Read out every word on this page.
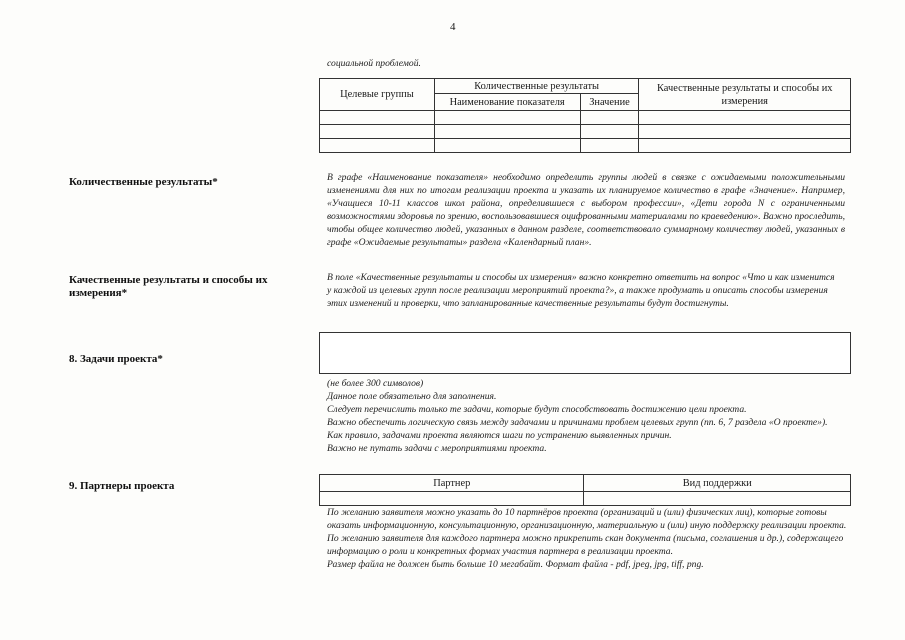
4
социальной проблемой.
Целевые группы	Количественные результаты		Качественные результаты и способы их измерения
	Наименование показателя	Значение	

Количественные результаты*	В графе «Наименование показателя» необходимо определить группы людей в связке с ожидаемыми положительными изменениями для них по итогам реализации проекта и указать их планируемое количество в графе «Значение». Например, «Учащиеся 10-11 классов школ района, определившиеся с выбором профессии», «Дети города N с ограниченными возможностями здоровья по зрению, воспользовавшиеся оцифрованными материалами по краеведению». Важно проследить, чтобы общее количество людей, указанных в данном разделе, соответствовало суммарному количеству людей, указанных в графе «Ожидаемые результаты» раздела «Календарный план».
Качественные результаты и способы их измерения*
В поле «Качественные результаты и способы их измерения» важно конкретно ответить на вопрос «Что и как изменится у каждой из целевых групп после реализации мероприятий проекта?», а также продумать и описать способы измерения этих изменений и проверки, что запланированные качественные результаты будут достигнуты.
8. Задачи проекта*
(не более 300 символов)
Данное поле обязательно для заполнения.
Следует перечислить только те задачи, которые будут способствовать достижению цели проекта.
Важно обеспечить логическую связь между задачами и причинами проблем целевых групп (пп. 6, 7 раздела «О проекте»). Как правило, задачами проекта являются шаги по устранению выявленных причин.
Важно не путать задачи с мероприятиями проекта.
9. Партнеры проекта	Партнер	Вид поддержки

По желанию заявителя можно указать до 10 партнёров проекта (организаций и (или) физических лиц), которые готовы оказать информационную, консультационную, организационную, материальную и (или) иную поддержку реализации проекта.
По желанию заявителя для каждого партнера можно прикрепить скан документа (письма, соглашения и др.), содержащего информацию о роли и конкретных формах участия партнера в реализации проекта.
Размер файла не должен быть больше 10 мегабайт. Формат файла - pdf, jpeg, jpg, tiff, png.
